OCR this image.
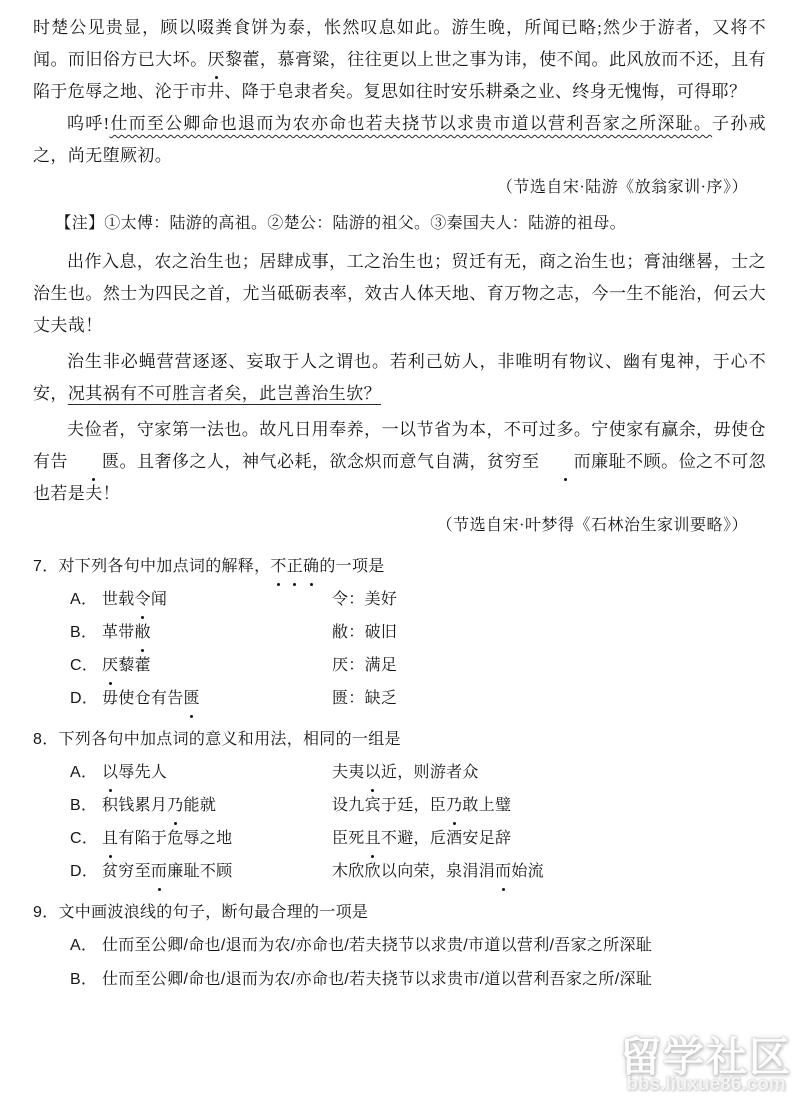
时楚公见贵显，顾以啜粪食饼为泰，怅然叹息如此。游生晚，所闻已略;然少于游者，又将不闻。而旧俗方已大坏。厌黎藿，慕膏粱，往往更以上世之事为讳，使不闻。此风放而不还，且有陷于危辱之地、沦于市井、降于皂隶者矣。复思如往时安乐耕桑之业、终身无愧悔，可得耶？

呜呼!仕而至公卿命也退而为农亦命也若夫挠节以求贵市道以营利吾家之所深耻。子孙戒之，尚无堕厥初。

（节选自宋·陆游《放翁家训·序》）

【注】①太傅：陆游的高祖。②楚公：陆游的祖父。③秦国夫人：陆游的祖母。

出作入息，农之治生也；居肆成事，工之治生也；贸迁有无，商之治生也；膏油继晷，士之治生也。然士为四民之首，尤当砥砺表率，效古人体天地、育万物之志，今一生不能治，何云大丈夫哉！

治生非必蝇营营逐逐、妄取于人之谓也。若利己妨人，非唯明有物议、幽有鬼神，于心不安，况其祸有不可胜言者矣，此岂善治生欤？

夫俭者，守家第一法也。故凡日用奉养，一以节省为本，不可过多。宁使家有赢余，毋使仓有告 匮。且奢侈之人，神气必耗，欲念炽而意气自满，贫穷至 而廉耻不顾。俭之不可忽也若是夫！

（节选自宋·叶梦得《石林治生家训要略》）

7．对下列各句中加点词的解释，不正确的一项是

A． 世载令闻	令：美好
B． 革带敝	敝：破旧
C． 厌藜藿	厌：满足
D． 毋使仓有告匮	匮：缺乏

8．下列各句中加点词的意义和用法，相同的一组是

A． 以辱先人	夫夷以近，则游者众
B． 积钱累月乃能就	设九宾于廷，臣乃敢上璧
C． 且有陷于危辱之地	臣死且不避，卮酒安足辞
D． 贫穷至而廉耻不顾	木欣欣以向荣，泉涓涓而始流

9．文中画波浪线的句子，断句最合理的一项是

A． 仕而至公卿/命也/退而为农/亦命也/若夫挠节以求贵/市道以营利/吾家之所深耻
B． 仕而至公卿/命也/退而为农/亦命也/若夫挠节以求贵市/道以营利吾家之所/深耻
留学社区
bbs.liuxue86.com
